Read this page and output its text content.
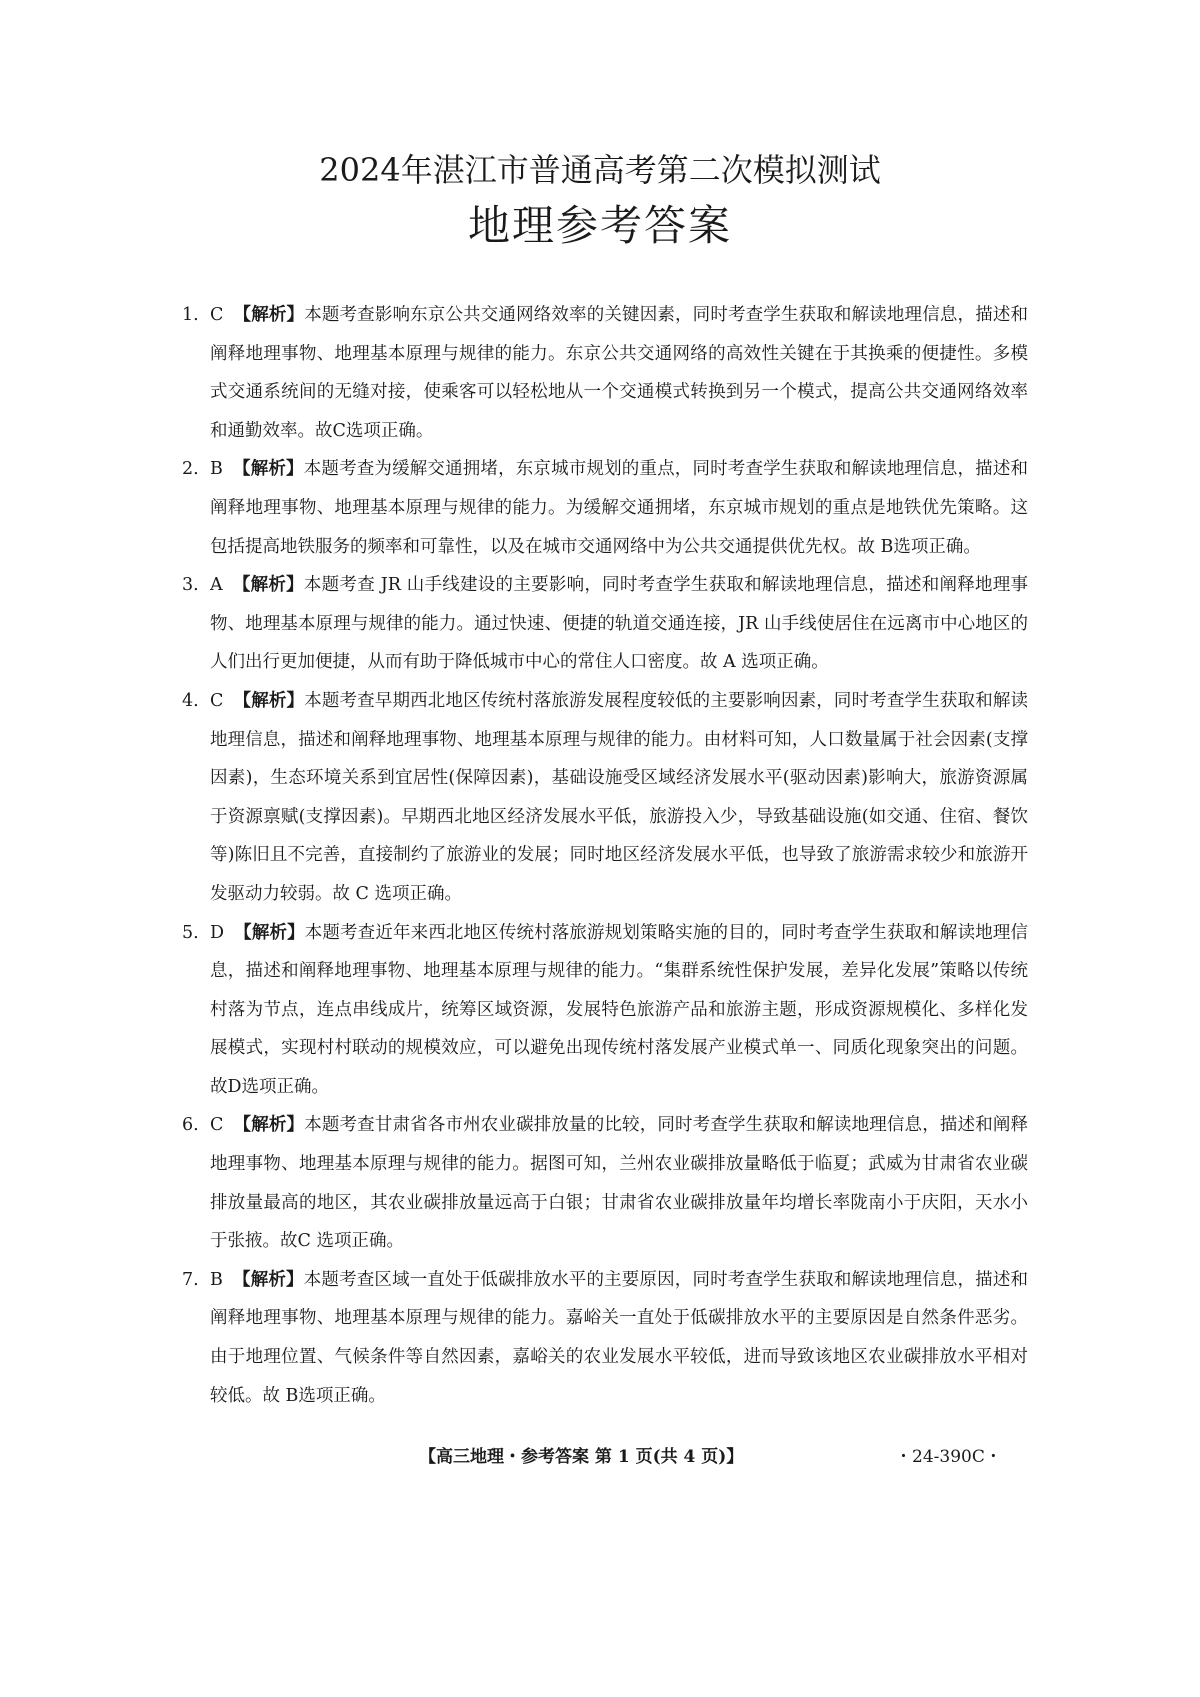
2024年湛江市普通高考第二次模拟测试
地理参考答案
1. C 【解析】本题考查影响东京公共交通网络效率的关键因素，同时考查学生获取和解读地理信息，描述和阐释地理事物、地理基本原理与规律的能力。东京公共交通网络的高效性关键在于其换乘的便捷性。多模式交通系统间的无缝对接，使乘客可以轻松地从一个交通模式转换到另一个模式，提高公共交通网络效率和通勤效率。故C选项正确。
2. B 【解析】本题考查为缓解交通拥堵，东京城市规划的重点，同时考查学生获取和解读地理信息，描述和阐释地理事物、地理基本原理与规律的能力。为缓解交通拥堵，东京城市规划的重点是地铁优先策略。这包括提高地铁服务的频率和可靠性，以及在城市交通网络中为公共交通提供优先权。故 B选项正确。
3. A 【解析】本题考查 JR 山手线建设的主要影响，同时考查学生获取和解读地理信息，描述和阐释地理事物、地理基本原理与规律的能力。通过快速、便捷的轨道交通连接，JR 山手线使居住在远离市中心地区的人们出行更加便捷，从而有助于降低城市中心的常住人口密度。故 A 选项正确。
4. C 【解析】本题考查早期西北地区传统村落旅游发展程度较低的主要影响因素，同时考查学生获取和解读地理信息，描述和阐释地理事物、地理基本原理与规律的能力。由材料可知，人口数量属于社会因素(支撑因素)，生态环境关系到宜居性(保障因素)，基础设施受区域经济发展水平(驱动因素)影响大，旅游资源属于资源禀赋(支撑因素)。早期西北地区经济发展水平低，旅游投入少，导致基础设施(如交通、住宿、餐饮等)陈旧且不完善，直接制约了旅游业的发展；同时地区经济发展水平低，也导致了旅游需求较少和旅游开发驱动力较弱。故 C 选项正确。
5. D 【解析】本题考查近年来西北地区传统村落旅游规划策略实施的目的，同时考查学生获取和解读地理信息，描述和阐释地理事物、地理基本原理与规律的能力。“集群系统性保护发展，差异化发展”策略以传统村落为节点，连点串线成片，统筹区域资源，发展特色旅游产品和旅游主题，形成资源规模化、多样化发展模式，实现村村联动的规模效应，可以避免出现传统村落发展产业模式单一、同质化现象突出的问题。故D选项正确。
6. C 【解析】本题考查甘肃省各市州农业碳排放量的比较，同时考查学生获取和解读地理信息，描述和阐释地理事物、地理基本原理与规律的能力。据图可知，兰州农业碳排放量略低于临夏；武威为甘肃省农业碳排放量最高的地区，其农业碳排放量远高于白银；甘肃省农业碳排放量年均增长率陇南小于庆阳，天水小于张掖。故C 选项正确。
7. B 【解析】本题考查区域一直处于低碳排放水平的主要原因，同时考查学生获取和解读地理信息，描述和阐释地理事物、地理基本原理与规律的能力。嘉峪关一直处于低碳排放水平的主要原因是自然条件恶劣。由于地理位置、气候条件等自然因素，嘉峪关的农业发展水平较低，进而导致该地区农业碳排放水平相对较低。故 B选项正确。
【高三地理・参考答案 第 1 页(共 4 页)】	・24-390C・
